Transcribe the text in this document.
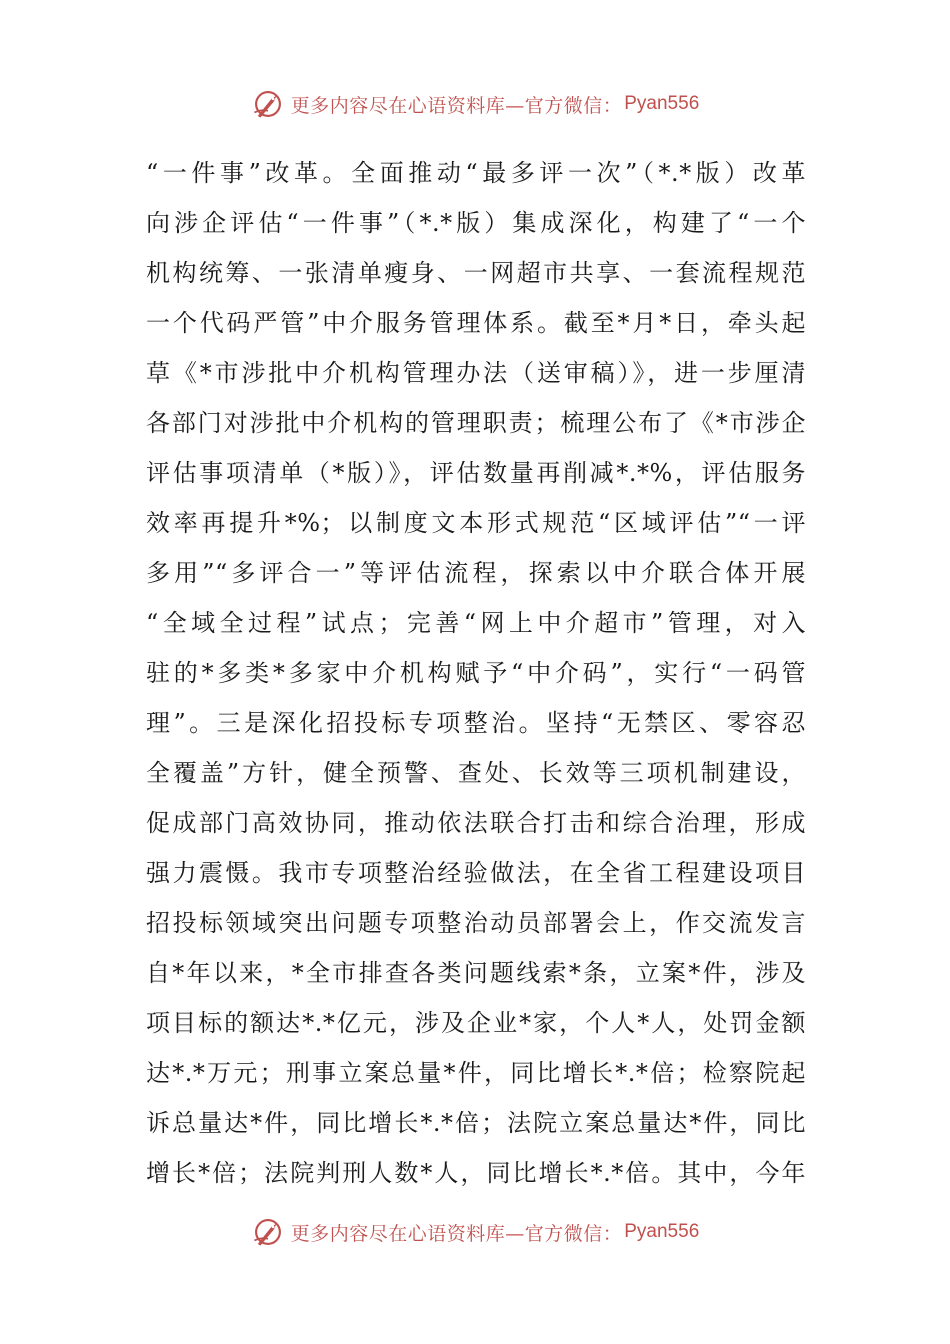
更多内容尽在心语资料库—官方微信： Pyan556
“一件事”改革。全面推动“最多评一次”（*.*版）改革
向涉企评估“一件事”（*.*版）集成深化，构建了“一个
机构统筹、一张清单瘦身、一网超市共享、一套流程规范
一个代码严管”中介服务管理体系。截至*月*日，牵头起
草《*市涉批中介机构管理办法（送审稿）》，进一步厘清
各部门对涉批中介机构的管理职责；梳理公布了《*市涉企
评估事项清单（*版）》，评估数量再削减*.*%，评估服务
效率再提升*%；以制度文本形式规范“区域评估”“一评
多用”“多评合一”等评估流程，探索以中介联合体开展
“全域全过程”试点；完善“网上中介超市”管理，对入
驻的*多类*多家中介机构赋予“中介码”，实行“一码管
理”。三是深化招投标专项整治。坚持“无禁区、零容忍
全覆盖”方针，健全预警、查处、长效等三项机制建设，
促成部门高效协同，推动依法联合打击和综合治理，形成
强力震慑。我市专项整治经验做法，在全省工程建设项目
招投标领域突出问题专项整治动员部署会上，作交流发言
自*年以来，*全市排查各类问题线索*条，立案*件，涉及
项目标的额达*.*亿元，涉及企业*家，个人*人，处罚金额
达*.*万元；刑事立案总量*件，同比增长*.*倍；检察院起
诉总量达*件，同比增长*.*倍；法院立案总量达*件，同比
增长*倍；法院判刑人数*人，同比增长*.*倍。其中，今年
更多内容尽在心语资料库—官方微信： Pyan556
